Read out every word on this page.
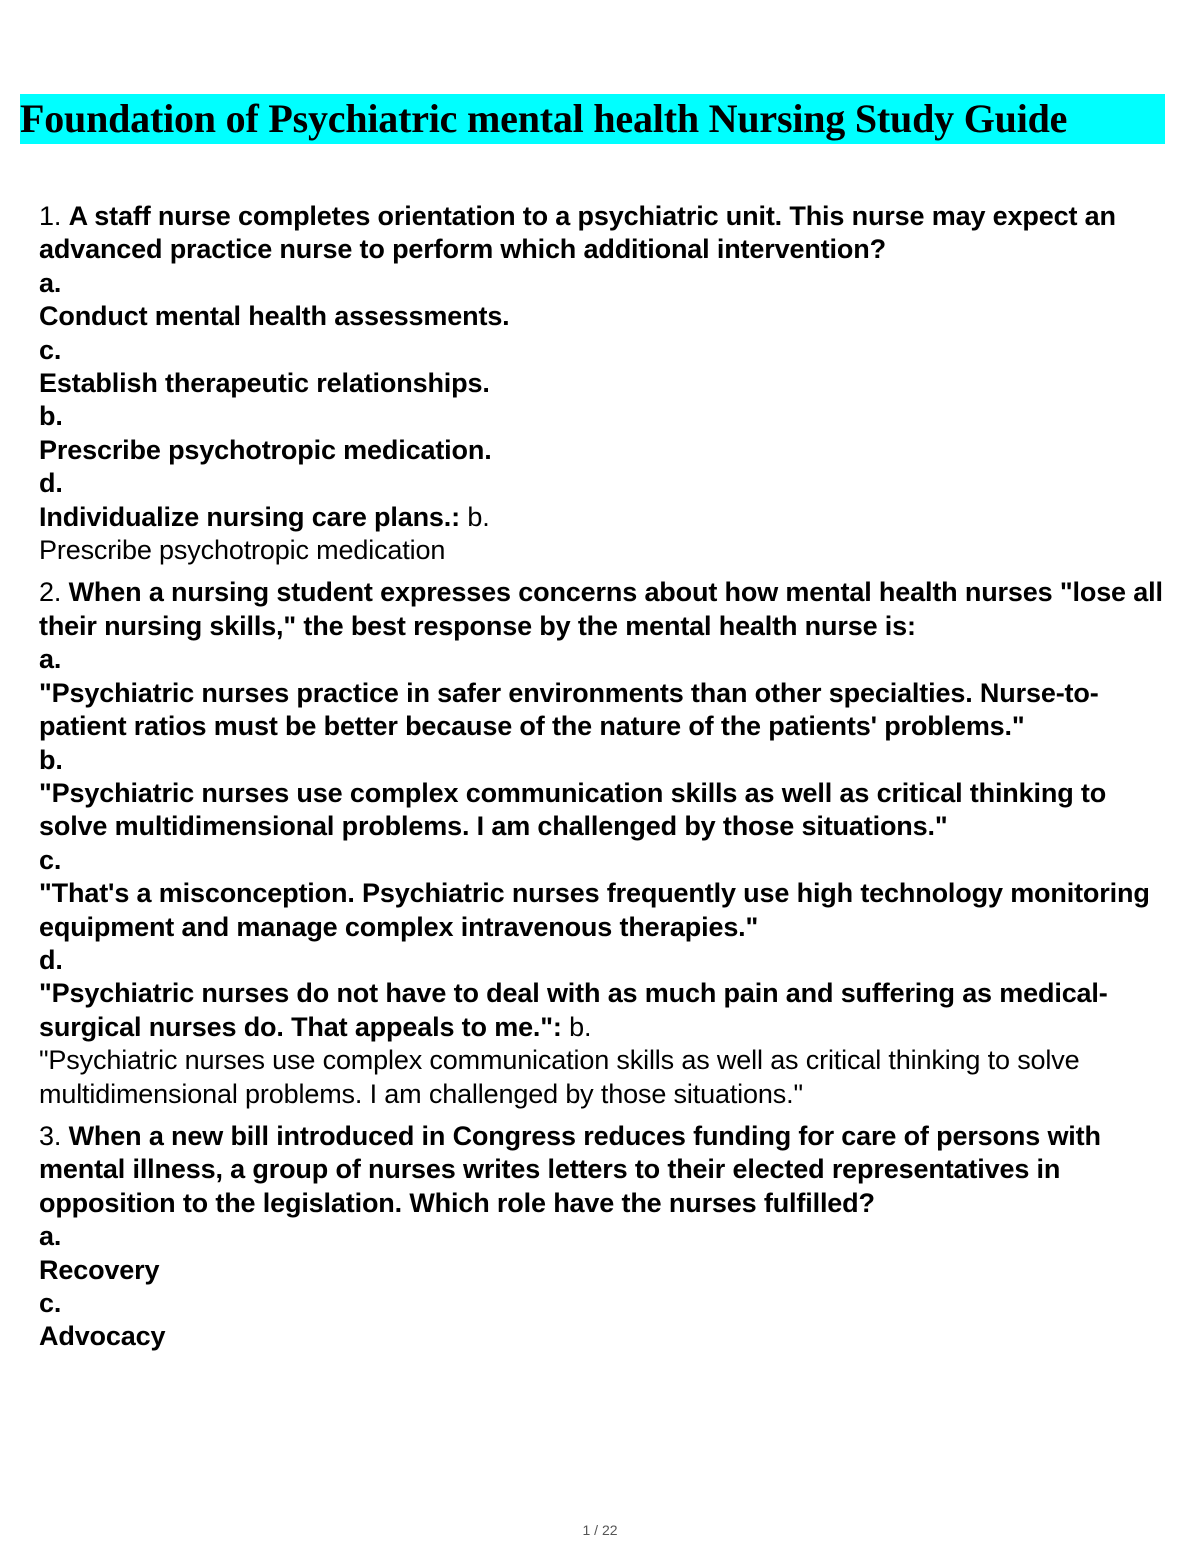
Foundation of Psychiatric mental health Nursing Study Guide
1. A staff nurse completes orientation to a psychiatric unit. This nurse may expect an advanced practice nurse to perform which additional intervention?
a.
Conduct mental health assessments.
c.
Establish therapeutic relationships.
b.
Prescribe psychotropic medication.
d.
Individualize nursing care plans.: b.
Prescribe psychotropic medication
2. When a nursing student expresses concerns about how mental health nurses "lose all their nursing skills," the best response by the mental health nurse is:
a.
"Psychiatric nurses practice in safer environments than other specialties. Nurse-to-patient ratios must be better because of the nature of the patients' problems."
b.
"Psychiatric nurses use complex communication skills as well as critical thinking to solve multidimensional problems. I am challenged by those situations."
c.
"That's a misconception. Psychiatric nurses frequently use high technology monitoring equipment and manage complex intravenous therapies."
d.
"Psychiatric nurses do not have to deal with as much pain and suffering as medical-surgical nurses do. That appeals to me.": b.
"Psychiatric nurses use complex communication skills as well as critical thinking to solve multidimensional problems. I am challenged by those situations."
3. When a new bill introduced in Congress reduces funding for care of persons with mental illness, a group of nurses writes letters to their elected representatives in opposition to the legislation. Which role have the nurses fulfilled?
a.
Recovery
c.
Advocacy
1 / 22
